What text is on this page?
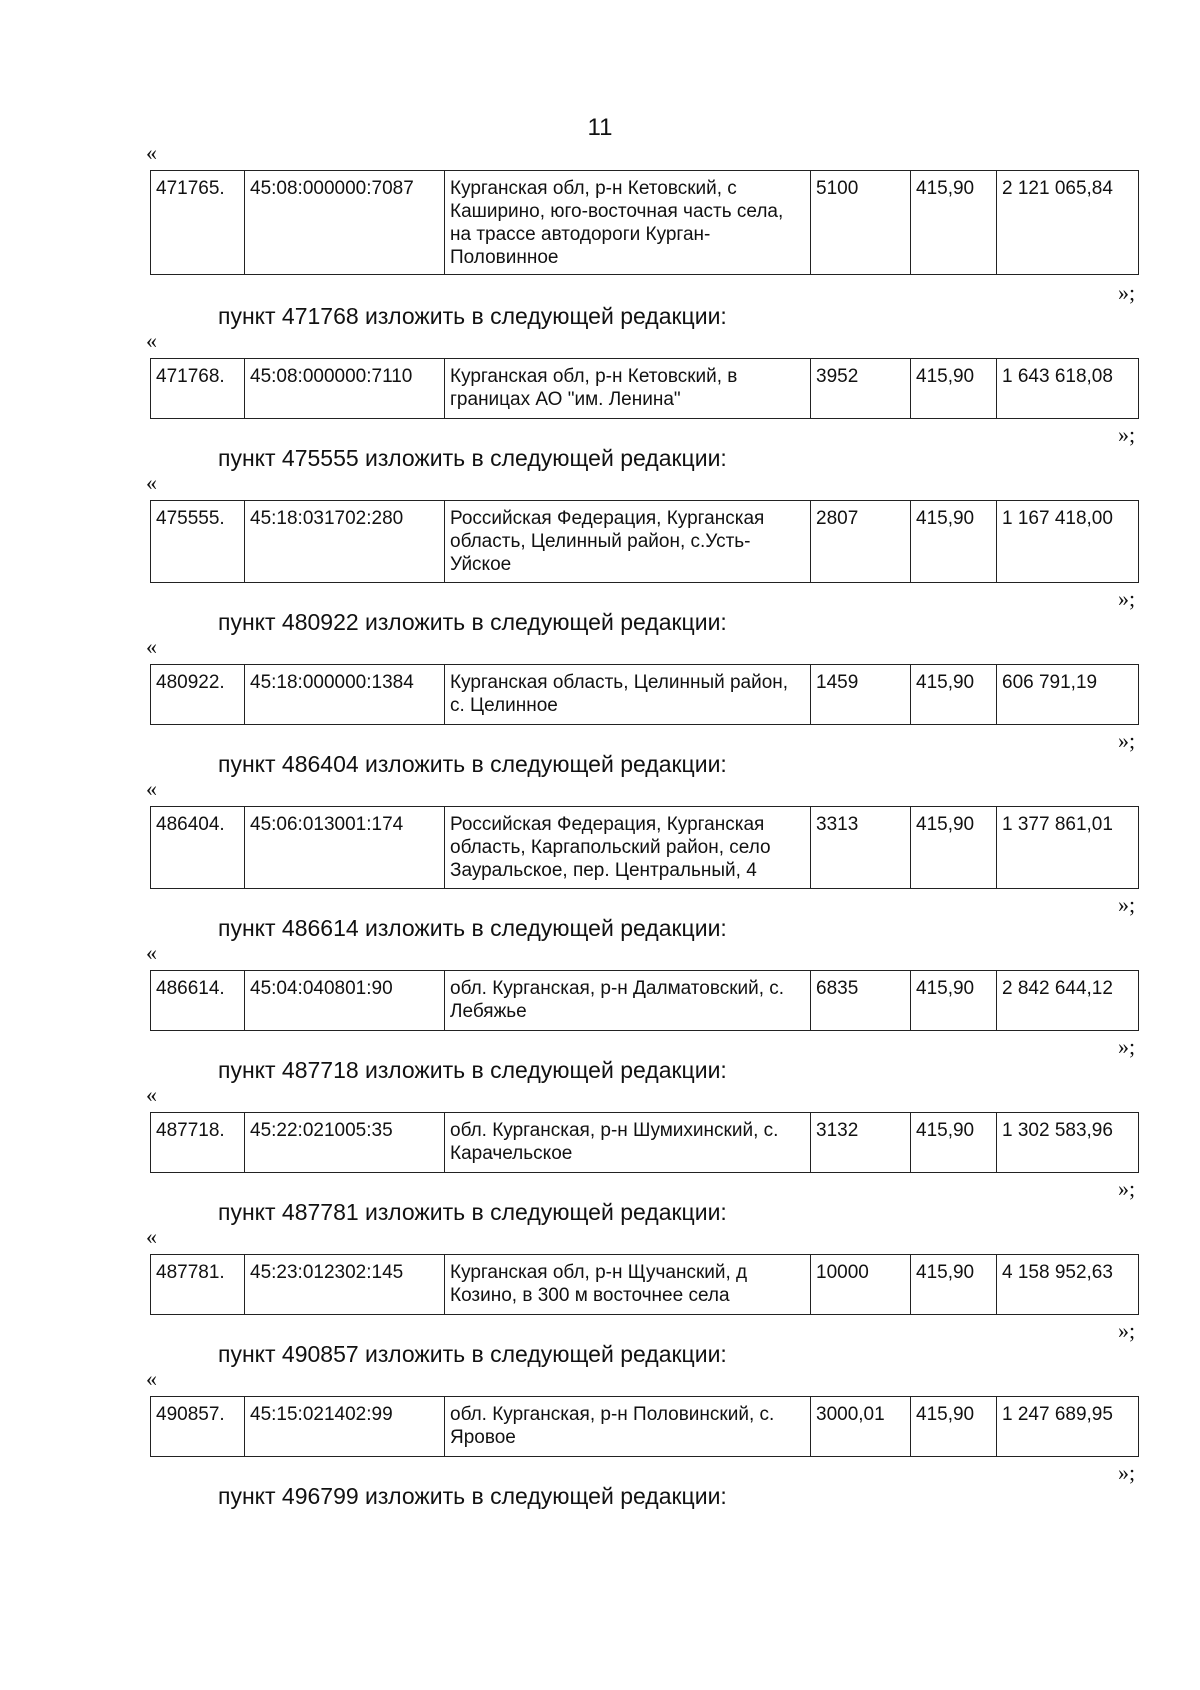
11
«
471765.	45:08:000000:7087	Курганская обл, р-н Кетовский, с Каширино, юго-восточная часть села, на трассе автодороги Курган-Половинное	5100	415,90	2 121 065,84
»;
пункт 471768 изложить в следующей редакции:
«
471768.	45:08:000000:7110	Курганская обл, р-н Кетовский, в границах АО "им. Ленина"	3952	415,90	1 643 618,08
»;
пункт 475555 изложить в следующей редакции:
«
475555.	45:18:031702:280	Российская Федерация, Курганская область, Целинный район, с.Усть-Уйское	2807	415,90	1 167 418,00
»;
пункт 480922 изложить в следующей редакции:
«
480922.	45:18:000000:1384	Курганская область, Целинный район, с. Целинное	1459	415,90	606 791,19
»;
пункт 486404 изложить в следующей редакции:
«
486404.	45:06:013001:174	Российская Федерация, Курганская область, Каргапольский район, село Зауральское, пер. Центральный, 4	3313	415,90	1 377 861,01
»;
пункт 486614 изложить в следующей редакции:
«
486614.	45:04:040801:90	обл. Курганская, р-н Далматовский, с. Лебяжье	6835	415,90	2 842 644,12
»;
пункт 487718 изложить в следующей редакции:
«
487718.	45:22:021005:35	обл. Курганская, р-н Шумихинский, с. Карачельское	3132	415,90	1 302 583,96
»;
пункт 487781 изложить в следующей редакции:
«
487781.	45:23:012302:145	Курганская обл, р-н Щучанский, д Козино, в 300 м восточнее села	10000	415,90	4 158 952,63
»;
пункт 490857 изложить в следующей редакции:
«
490857.	45:15:021402:99	обл. Курганская, р-н Половинский, с. Яровое	3000,01	415,90	1 247 689,95
»;
пункт 496799 изложить в следующей редакции:
